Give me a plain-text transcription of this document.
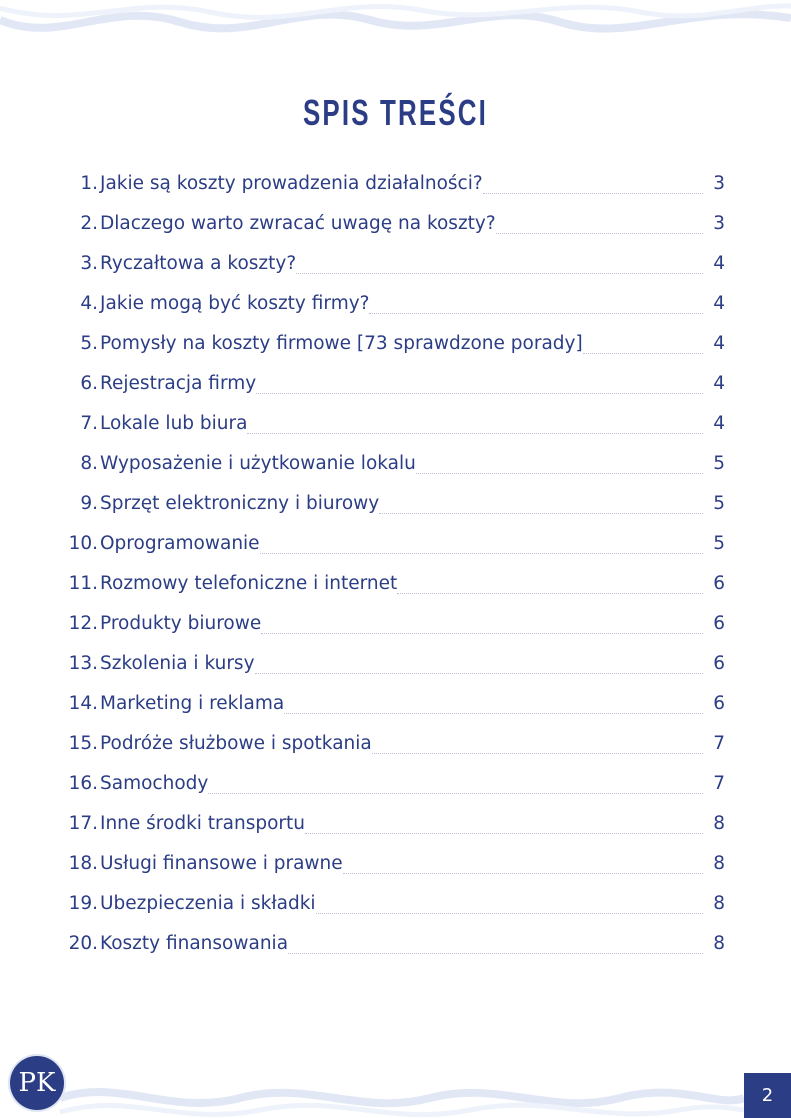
SPIS TREŚCI
1. Jakie są koszty prowadzenia działalności?	3
2. Dlaczego warto zwracać uwagę na koszty?	3
3. Ryczałtowa a koszty?	4
4. Jakie mogą być koszty firmy?	4
5. Pomysły na koszty firmowe [73 sprawdzone porady]	4
6. Rejestracja firmy	4
7. Lokale lub biura	4
8. Wyposażenie i użytkowanie lokalu	5
9. Sprzęt elektroniczny i biurowy	5
10. Oprogramowanie	5
11. Rozmowy telefoniczne i internet	6
12. Produkty biurowe	6
13. Szkolenia i kursy	6
14. Marketing i reklama	6
15. Podróże służbowe i spotkania	7
16. Samochody	7
17. Inne środki transportu	8
18. Usługi finansowe i prawne	8
19. Ubezpieczenia i składki	8
20. Koszty finansowania	8
PK	2
